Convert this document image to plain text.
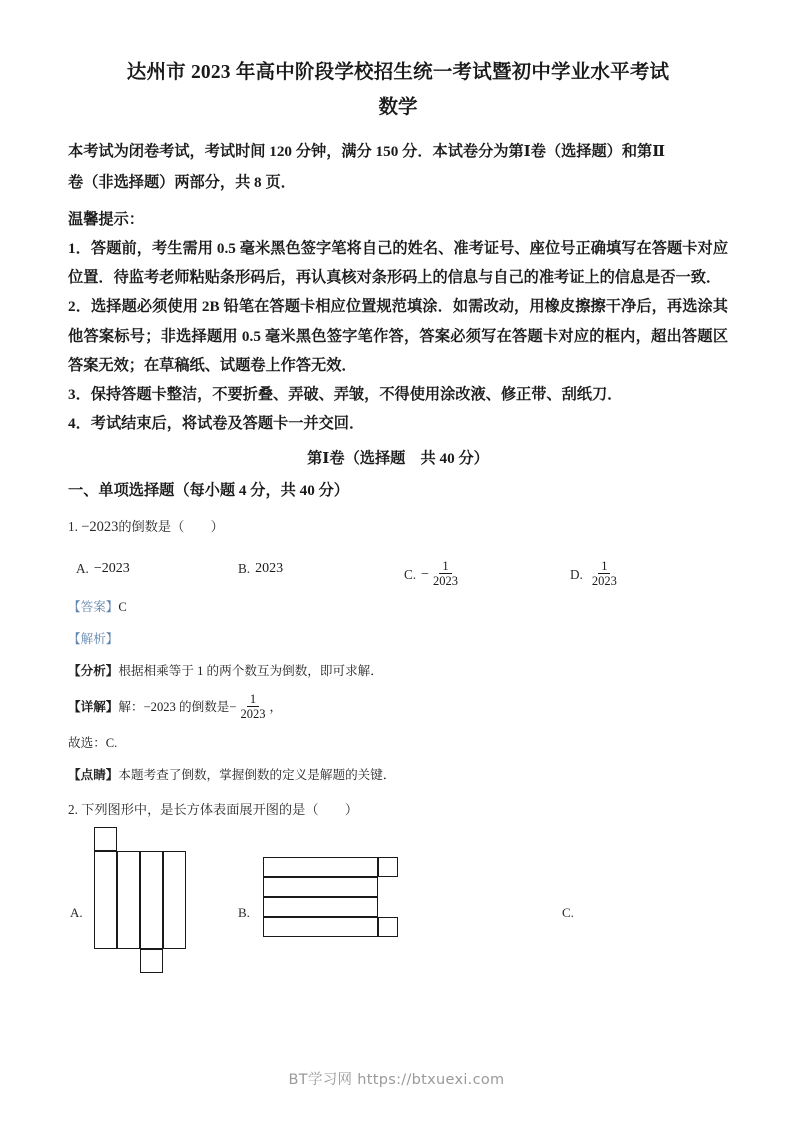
达州市 2023 年高中阶段学校招生统一考试暨初中学业水平考试
数学

本考试为闭卷考试，考试时间 120 分钟，满分 150 分．本试卷分为第Ⅰ卷（选择题）和第Ⅱ

卷（非选择题）两部分，共 8 页．

温馨提示：

1．答题前，考生需用 0.5 毫米黑色签字笔将自己的姓名、准考证号、座位号正确填写在答题卡对应位置．待监考老师粘贴条形码后，再认真核对条形码上的信息与自己的准考证上的信息是否一致．

2．选择题必须使用 2B 铅笔在答题卡相应位置规范填涂．如需改动，用橡皮擦擦干净后，再选涂其他答案标号；非选择题用 0.5 毫米黑色签字笔作答，答案必须写在答题卡对应的框内，超出答题区答案无效；在草稿纸、试题卷上作答无效．

3．保持答题卡整洁，不要折叠、弄破、弄皱，不得使用涂改液、修正带、刮纸刀．

4．考试结束后，将试卷及答题卡一并交回．

第Ⅰ卷（选择题　共 40 分）
一、单项选择题（每小题 4 分，共 40 分）
1. −2023的倒数是（　　）
A. −2023	B. 2023	C. − $\frac{1}{2023}$	D. $\frac{1}{2023}$

【答案】C

【解析】

【分析】根据相乘等于 1 的两个数互为倒数，即可求解．

【详解】 解：−2023 的倒数是 − $\frac{1}{2023}$ ，

故选：C.

【点睛】本题考查了倒数，掌握倒数的定义是解题的关键．

2. 下列图形中，是长方体表面展开图的是（　　）
A.	B.	C.
BT学习网 https://btxuexi.com
